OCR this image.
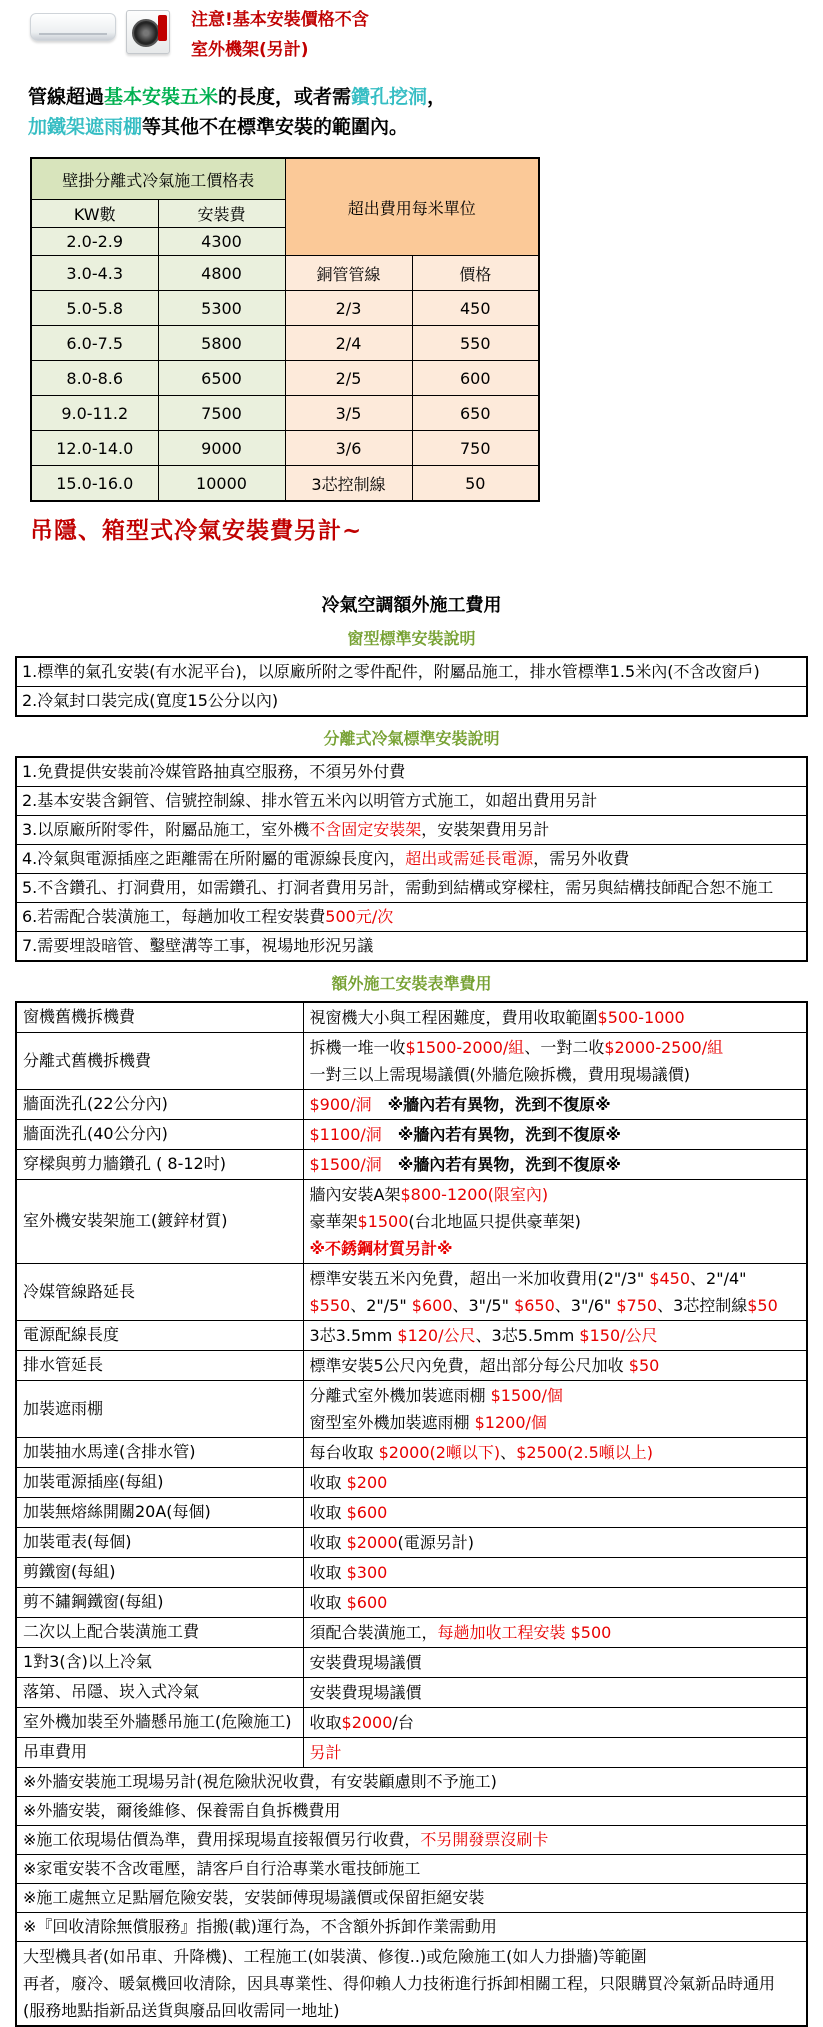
注意!基本安裝價格不含
室外機架(另計)
管線超過基本安裝五米的長度，或者需鑽孔挖洞，
加鐵架遮雨棚等其他不在標準安裝的範圍內。
壁掛分離式冷氣施工價格表		超出費用每米單位	
KW數	安裝費		
2.0-2.9	4300		
3.0-4.3	4800	銅管管線	價格
5.0-5.8	5300	2/3	450
6.0-7.5	5800	2/4	550
8.0-8.6	6500	2/5	600
9.0-11.2	7500	3/5	650
12.0-14.0	9000	3/6	750
15.0-16.0	10000	3芯控制線	50
吊隱、箱型式冷氣安裝費另計~
冷氣空調額外施工費用
窗型標準安裝說明
1.標準的氣孔安裝(有水泥平台)，以原廠所附之零件配件，附屬品施工，排水管標準1.5米內(不含改窗戶)
2.冷氣封口裝完成(寬度15公分以內)
分離式冷氣標準安裝說明
1.免費提供安裝前冷媒管路抽真空服務，不須另外付費
2.基本安裝含銅管、信號控制線、排水管五米內以明管方式施工，如超出費用另計
3.以原廠所附零件，附屬品施工，室外機不含固定安裝架，安裝架費用另計
4.冷氣與電源插座之距離需在所附屬的電源線長度內，超出或需延長電源，需另外收費
5.不含鑽孔、打洞費用，如需鑽孔、打洞者費用另計，需動到結構或穿樑柱，需另與結構技師配合恕不施工
6.若需配合裝潢施工，每趟加收工程安裝費500元/次
7.需要埋設暗管、鑿壁溝等工事，視場地形況另議
額外施工安裝表準費用
窗機舊機拆機費	視窗機大小與工程困難度，費用收取範圍$500-1000

分離式舊機拆機費	拆機一堆一收$1500-2000/組、一對二收$2000-2500/組
一對三以上需現場議價(外牆危險拆機，費用現場議價)

牆面洗孔(22公分內)	$900/洞　※牆內若有異物，洗到不復原※

牆面洗孔(40公分內)	$1100/洞　※牆內若有異物，洗到不復原※

穿樑與剪力牆鑽孔 ( 8-12吋)	$1500/洞　※牆內若有異物，洗到不復原※

室外機安裝架施工(鍍鋅材質)	牆內安裝A架$800-1200(限室內)
豪華架$1500(台北地區只提供豪華架)
※不銹鋼材質另計※

冷媒管線路延長	標準安裝五米內免費，超出一米加收費用(2"/3" $450、2"/4" $550、2"/5" $600、3"/5" $650、3"/6" $750、3芯控制線$50

電源配線長度	3芯3.5mm $120/公尺、3芯5.5mm $150/公尺

排水管延長	標準安裝5公尺內免費，超出部分每公尺加收 $50

加裝遮雨棚	分離式室外機加裝遮雨棚 $1500/個
窗型室外機加裝遮雨棚 $1200/個

加裝抽水馬達(含排水管)	每台收取 $2000(2噸以下)、$2500(2.5噸以上)

加裝電源插座(每組)	收取 $200

加裝無熔絲開關20A(每個)	收取 $600

加裝電表(每個)	收取 $2000(電源另計)

剪鐵窗(每組)	收取 $300

剪不鏽鋼鐵窗(每組)	收取 $600

二次以上配合裝潢施工費	須配合裝潢施工，每趟加收工程安裝 $500

1對3(含)以上冷氣	安裝費現場議價

落第、吊隱、崁入式冷氣	安裝費現場議價

室外機加裝至外牆懸吊施工(危險施工)	收取$2000/台

吊車費用	另計

※外牆安裝施工現場另計(視危險狀況收費，有安裝顧慮則不予施工)	
※外牆安裝，爾後維修、保養需自負拆機費用	
※施工依現場估價為準，費用採現場直接報價另行收費，不另開發票沒刷卡	
※家電安裝不含改電壓，請客戶自行洽專業水電技師施工	
※施工處無立足點層危險安裝，安裝師傅現場議價或保留拒絕安裝	
※『回收清除無償服務』指搬(載)運行為，不含額外拆卸作業需動用	

大型機具者(如吊車、升降機)、工程施工(如裝潢、修復..)或危險施工(如人力掛牆)等範圍
再者，廢冷、暖氣機回收清除，因具專業性、得仰賴人力技術進行拆卸相關工程，只限購買冷氣新品時通用
(服務地點指新品送貨與廢品回收需同一地址)	
